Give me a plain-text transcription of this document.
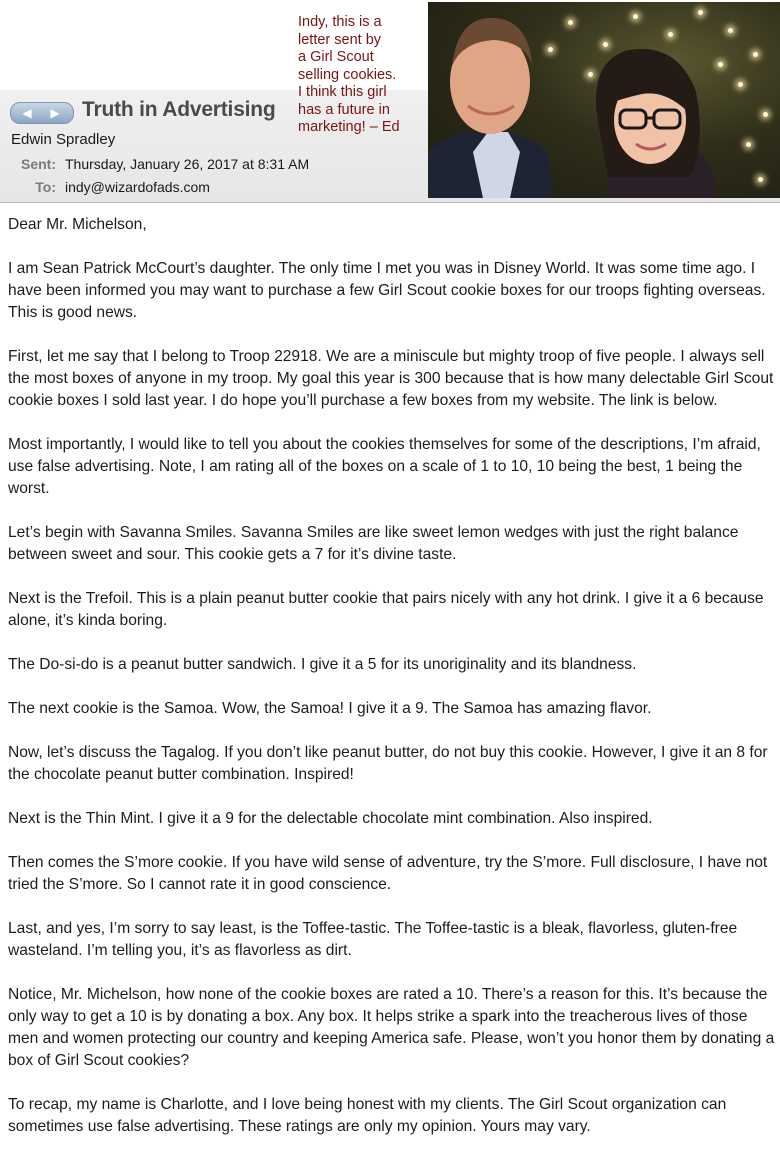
◀	▶	Truth in Advertising
Edwin Spradley
Sent: Thursday, January 26, 2017 at 8:31 AM
To: indy@wizardofads.com
Indy, this is a
letter sent by
a Girl Scout
selling cookies.
I think this girl
has a future in
marketing! – Ed

Dear Mr. Michelson,

I am Sean Patrick McCourt’s daughter. The only time I met you was in Disney World. It was some time ago. I have been informed you may want to purchase a few Girl Scout cookie boxes for our troops fighting overseas. This is good news.

First, let me say that I belong to Troop 22918. We are a miniscule but mighty troop of five people. I always sell the most boxes of anyone in my troop. My goal this year is 300 because that is how many delectable Girl Scout cookie boxes I sold last year. I do hope you’ll purchase a few boxes from my website. The link is below.

Most importantly, I would like to tell you about the cookies themselves for some of the descriptions, I’m afraid, use false advertising. Note, I am rating all of the boxes on a scale of 1 to 10, 10 being the best, 1 being the worst.

Let’s begin with Savanna Smiles. Savanna Smiles are like sweet lemon wedges with just the right balance between sweet and sour. This cookie gets a 7 for it’s divine taste.

Next is the Trefoil. This is a plain peanut butter cookie that pairs nicely with any hot drink. I give it a 6 because alone, it’s kinda boring.

The Do-si-do is a peanut butter sandwich. I give it a 5 for its unoriginality and its blandness.

The next cookie is the Samoa. Wow, the Samoa! I give it a 9. The Samoa has amazing flavor.

Now, let’s discuss the Tagalog. If you don’t like peanut butter, do not buy this cookie. However, I give it an 8 for the chocolate peanut butter combination. Inspired!

Next is the Thin Mint. I give it a 9 for the delectable chocolate mint combination. Also inspired.

Then comes the S’more cookie. If you have wild sense of adventure, try the S’more. Full disclosure, I have not tried the S’more. So I cannot rate it in good conscience.

Last, and yes, I’m sorry to say least, is the Toffee-tastic. The Toffee-tastic is a bleak, flavorless, gluten-free wasteland. I’m telling you, it’s as flavorless as dirt.

Notice, Mr. Michelson, how none of the cookie boxes are rated a 10. There’s a reason for this. It’s because the only way to get a 10 is by donating a box. Any box. It helps strike a spark into the treacherous lives of those men and women protecting our country and keeping America safe. Please, won’t you honor them by donating a box of Girl Scout cookies?

To recap, my name is Charlotte, and I love being honest with my clients. The Girl Scout organization can sometimes use false advertising. These ratings are only my opinion. Yours may vary.
